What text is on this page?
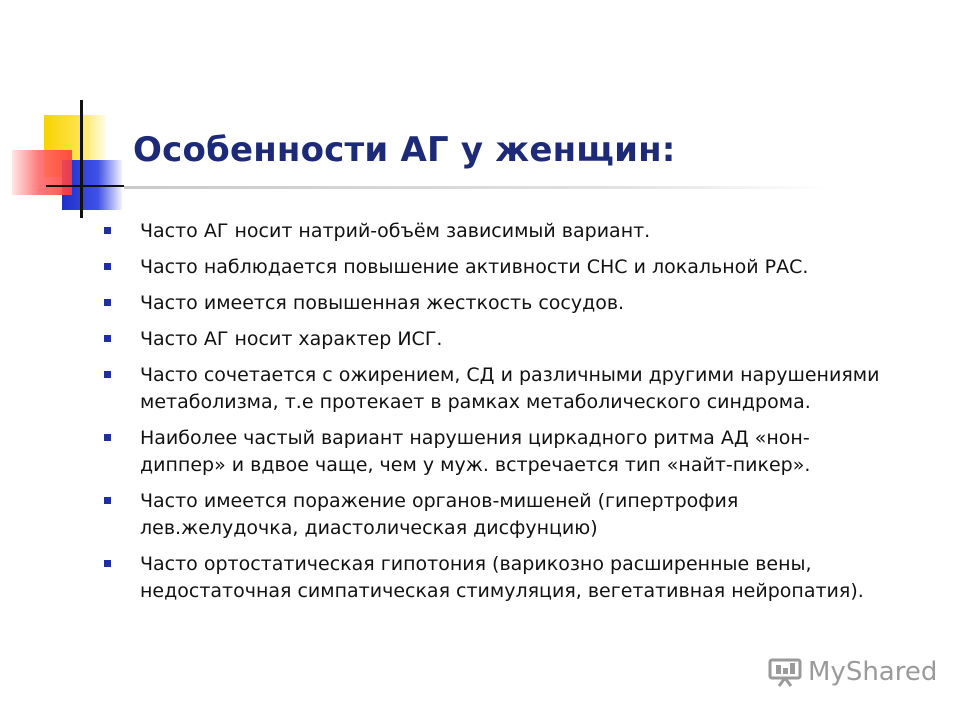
Особенности АГ у женщин:
Часто АГ носит натрий-объём зависимый вариант.
Часто наблюдается повышение активности СНС и локальной РАС.
Часто имеется повышенная жесткость сосудов.
Часто АГ носит характер ИСГ.
Часто сочетается с ожирением, СД и различными другими нарушениями метаболизма, т.е протекает в рамках метаболического синдрома.
Наиболее частый вариант нарушения циркадного ритма АД «нон-диппер» и вдвое чаще, чем у муж. встречается тип «найт-пикер».
Часто имеется поражение органов-мишеней (гипертрофия лев.желудочка, диастолическая дисфунцию)
Часто ортостатическая гипотония (варикозно расширенные вены, недостаточная симпатическая стимуляция, вегетативная нейропатия).
MyShared
